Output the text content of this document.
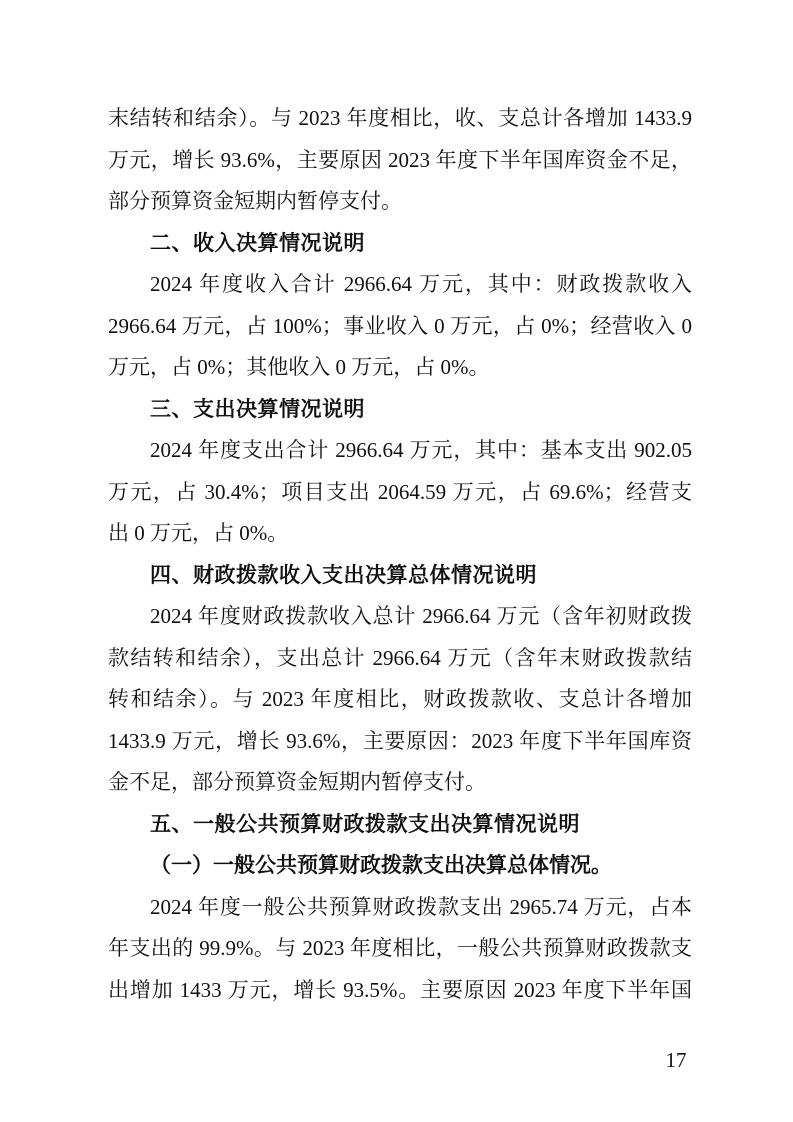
末结转和结余）。与 2023 年度相比，收、支总计各增加 1433.9
万元，增长 93.6%，主要原因 2023 年度下半年国库资金不足，
部分预算资金短期内暂停支付。
二、收入决算情况说明
2024 年度收入合计 2966.64 万元，其中：财政拨款收入
2966.64 万元，占 100%；事业收入 0 万元，占 0%；经营收入 0
万元，占 0%；其他收入 0 万元，占 0%。
三、支出决算情况说明
2024 年度支出合计 2966.64 万元，其中：基本支出 902.05
万元，占 30.4%；项目支出 2064.59 万元，占 69.6%；经营支
出 0 万元，占 0%。
四、财政拨款收入支出决算总体情况说明
2024 年度财政拨款收入总计 2966.64 万元（含年初财政拨
款结转和结余），支出总计 2966.64 万元（含年末财政拨款结
转和结余）。与 2023 年度相比，财政拨款收、支总计各增加
1433.9 万元，增长 93.6%，主要原因：2023 年度下半年国库资
金不足，部分预算资金短期内暂停支付。
五、一般公共预算财政拨款支出决算情况说明
（一）一般公共预算财政拨款支出决算总体情况。
2024 年度一般公共预算财政拨款支出 2965.74 万元，占本
年支出的 99.9%。与 2023 年度相比，一般公共预算财政拨款支
出增加 1433 万元，增长 93.5%。主要原因 2023 年度下半年国
17
